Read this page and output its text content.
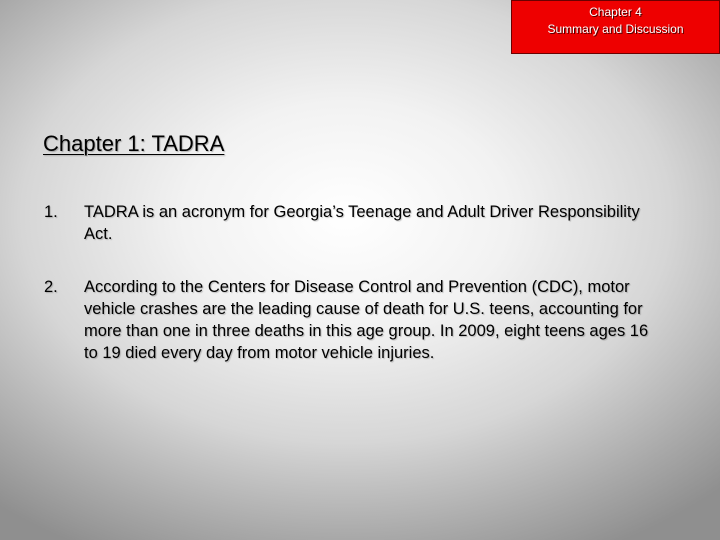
Chapter 4
Summary and Discussion
Chapter 1: TADRA
1.	TADRA is an acronym for Georgia’s Teenage and Adult Driver Responsibility Act.
2.	According to the Centers for Disease Control and Prevention (CDC), motor vehicle crashes are the leading cause of death for U.S. teens, accounting for more than one in three deaths in this age group. In 2009, eight teens ages 16 to 19 died every day from motor vehicle injuries.
